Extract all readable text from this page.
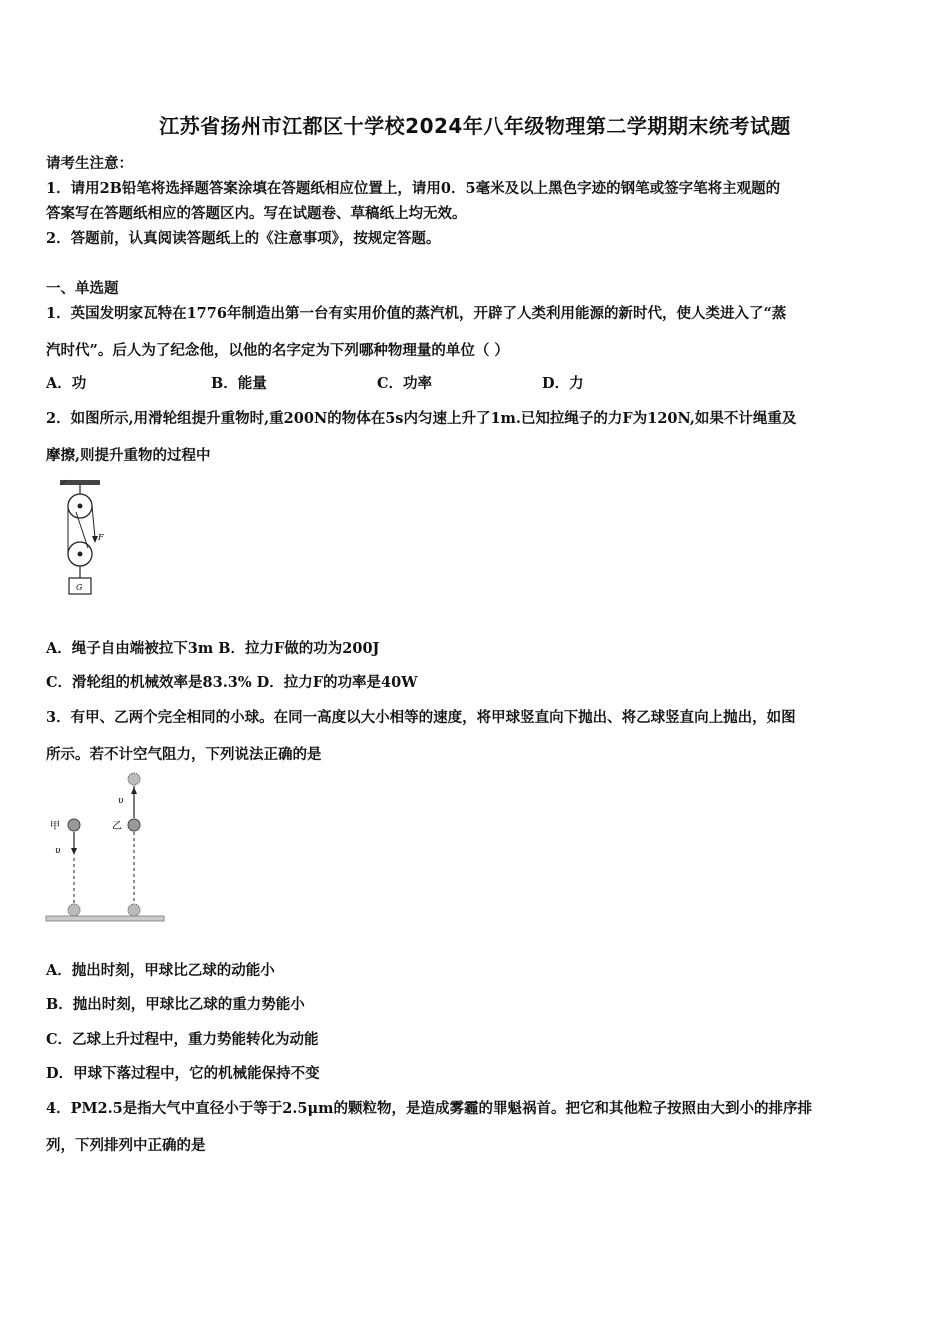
江苏省扬州市江都区十学校2024年八年级物理第二学期期末统考试题
请考生注意：
1．请用2B铅笔将选择题答案涂填在答题纸相应位置上，请用0．5毫米及以上黑色字迹的钢笔或签字笔将主观题的
答案写在答题纸相应的答题区内。写在试题卷、草稿纸上均无效。
2．答题前，认真阅读答题纸上的《注意事项》，按规定答题。
一、单选题
1．英国发明家瓦特在1776年制造出第一台有实用价值的蒸汽机，开辟了人类利用能源的新时代，使人类进入了“蒸
汽时代”。后人为了纪念他，以他的名字定为下列哪种物理量的单位（ ）
A．功	B．能量	C．功率	D．力
2．如图所示,用滑轮组提升重物时,重200N的物体在5s内匀速上升了1m.已知拉绳子的力F为120N,如果不计绳重及
摩擦,则提升重物的过程中
F
G
A．绳子自由端被拉下3m B．拉力F做的功为200J
C．滑轮组的机械效率是83.3% D．拉力F的功率是40W
3．有甲、乙两个完全相同的小球。在同一高度以大小相等的速度，将甲球竖直向下抛出、将乙球竖直向上抛出，如图
所示。若不计空气阻力，下列说法正确的是
υ
乙
甲
υ
A．抛出时刻，甲球比乙球的动能小
B．抛出时刻，甲球比乙球的重力势能小
C．乙球上升过程中，重力势能转化为动能
D．甲球下落过程中，它的机械能保持不变
4．PM2.5是指大气中直径小于等于2.5μm的颗粒物，是造成雾霾的罪魁祸首。把它和其他粒子按照由大到小的排序排
列，下列排列中正确的是
